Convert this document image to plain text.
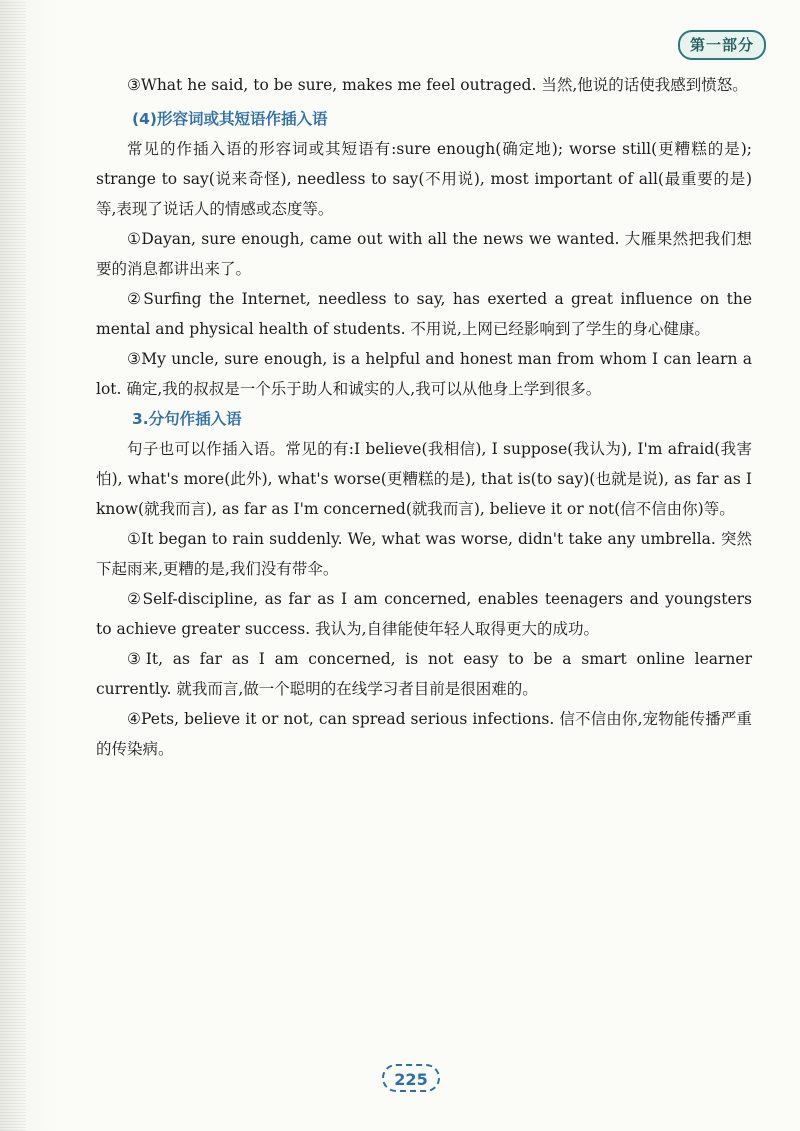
第一部分

③What he said, to be sure, makes me feel outraged. 当然,他说的话使我感到愤怒。

(4)形容词或其短语作插入语

常见的作插入语的形容词或其短语有:sure enough(确定地); worse still(更糟糕的是); strange to say(说来奇怪), needless to say(不用说), most important of all(最重要的是)等,表现了说话人的情感或态度等。

①Dayan, sure enough, came out with all the news we wanted. 大雁果然把我们想要的消息都讲出来了。

②Surfing the Internet, needless to say, has exerted a great influence on the mental and physical health of students. 不用说,上网已经影响到了学生的身心健康。

③My uncle, sure enough, is a helpful and honest man from whom I can learn a lot. 确定,我的叔叔是一个乐于助人和诚实的人,我可以从他身上学到很多。

3.分句作插入语

句子也可以作插入语。常见的有:I believe(我相信), I suppose(我认为), I'm afraid(我害怕), what's more(此外), what's worse(更糟糕的是), that is(to say)(也就是说), as far as I know(就我而言), as far as I'm concerned(就我而言), believe it or not(信不信由你)等。

①It began to rain suddenly. We, what was worse, didn't take any umbrella. 突然下起雨来,更糟的是,我们没有带伞。

②Self-discipline, as far as I am concerned, enables teenagers and youngsters to achieve greater success. 我认为,自律能使年轻人取得更大的成功。

③It, as far as I am concerned, is not easy to be a smart online learner currently. 就我而言,做一个聪明的在线学习者目前是很困难的。

④Pets, believe it or not, can spread serious infections. 信不信由你,宠物能传播严重的传染病。

225
